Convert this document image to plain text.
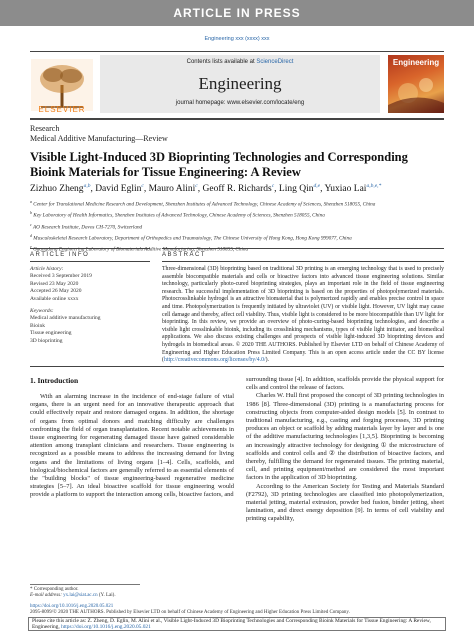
ARTICLE IN PRESS
Engineering xxx (xxxx) xxx
ELSEVIER
Contents lists available at ScienceDirect
Engineering
journal homepage: www.elsevier.com/locate/eng
Engineering
Research
Medical Additive Manufacturing—Review
Visible Light-Induced 3D Bioprinting Technologies and Corresponding Bioink Materials for Tissue Engineering: A Review
Zizhuo Zheng$^{a,b}$, David Eglin$^c$, Mauro Alini$^c$, Geoff R. Richards$^c$, Ling Qin$^{d,e}$, Yuxiao Lai$^{a,b,e,*}$
$^a$ Center for Translational Medicine Research and Development, Shenzhen Institutes of Advanced Technology, Chinese Academy of Sciences, Shenzhen 518055, China
$^b$ Key Laboratory of Health Informatics, Shenzhen Institutes of Advanced Technology, Chinese Academy of Sciences, Shenzhen 518055, China
$^c$ AO Research Institute, Davos CH-7270, Switzerland
$^d$ Musculoskeletal Research Laboratory, Department of Orthopedics and Traumatology, The Chinese University of Hong Kong, Hong Kong 999077, China
$^e$ Guangdong Engineering Laboratory of Biomaterials Additive Manufacturing, Shenzhen 518055, China
ARTICLE INFO	ABSTRACT
Article history:
Received 3 September 2019
Revised 23 May 2020
Accepted 26 May 2020
Available online xxxx
Keywords:
Medical additive manufacturing
Bioink
Tissue engineering
3D bioprinting
Three-dimensional (3D) bioprinting based on traditional 3D printing is an emerging technology that is used to precisely assemble biocompatible materials and cells or bioactive factors into advanced tissue engineering solutions. Similar technology, particularly photo-cured bioprinting strategies, plays an important role in the field of tissue engineering research. The successful implementation of 3D bioprinting is based on the properties of photopolymerized materials. Photocrosslinkable hydrogel is an attractive biomaterial that is polymerized rapidly and enables precise control in space and time. Photopolymerization is frequently initiated by ultraviolet (UV) or visible light. However, UV light may cause cell damage and thereby, affect cell viability. Thus, visible light is considered to be more biocompatible than UV light for bioprinting. In this review, we provide an overview of photo-curing-based bioprinting technologies, and describe a visible light crosslinkable bioink, including its crosslinking mechanisms, types of visible light initiator, and biomedical applications. We also discuss existing challenges and prospects of visible light-induced 3D bioprinting devices and hydrogels in biomedical areas. © 2020 THE AUTHORS. Published by Elsevier LTD on behalf of Chinese Academy of Engineering and Higher Education Press Limited Company. This is an open access article under the CC BY license (http://creativecommons.org/licenses/by/4.0/).
1. Introduction
With an alarming increase in the incidence of end-stage failure of vital organs, there is an urgent need for an innovative therapeutic approach that could effectively repair and restore damaged organs. In addition, the shortage of organs from optimal donors and matching difficulty are challenges confronting the field of organ transplantation. Recent notable achievements in tissue engineering for regenerating damaged tissue have gained considerable attention among transplant clinicians and researchers. Tissue engineering is recognized as a possible means to address the increasing demand for living organs and the limitations of living organs [1–4]. Cells, scaffolds, and biological/biochemical factors are generally referred to as essential elements of the "building blocks" of tissue engineering-based regenerative medicine strategies [5–7]. An ideal bioactive scaffold for tissue engineering would provide a platform to support the interaction among cells, bioactive factors, and

surrounding tissue [4]. In addition, scaffolds provide the physical support for cells and control the release of factors.

Charles W. Hull first proposed the concept of 3D printing technologies in 1986 [8]. Three-dimensional (3D) printing is a manufacturing process for constructing objects from computer-aided design models [5]. In contrast to traditional manufacturing, e.g., casting and forging processes, 3D printing produces an object or scaffold by adding materials layer by layer and is one of the additive manufacturing technologies [1,3,5]. Bioprinting is becoming an increasingly attractive technology for designing ① the microstructure of scaffolds and control cells and ② the distribution of bioactive factors, and thereby, fulfilling the demand for regenerated tissues. The printing material, cell, and printing equipment/method are considered the most important factors in the application of 3D bioprinting.

According to the American Society for Testing and Materials Standard (F2792), 3D printing technologies are classified into photopolymerization, material jetting, material extrusion, powder bed fusion, binder jetting, sheet lamination, and direct energy deposition [9]. In terms of cell viability and printing capability,

* Corresponding author.
E-mail address: yx.lai@siat.ac.cn (Y. Lai).
https://doi.org/10.1016/j.eng.2020.05.021
2095-8099/© 2020 THE AUTHORS. Published by Elsevier LTD on behalf of Chinese Academy of Engineering and Higher Education Press Limited Company.
Please cite this article as: Z. Zheng, D. Eglin, M. Alini et al., Visible Light-Induced 3D Bioprinting Technologies and Corresponding Bioink Materials for Tissue Engineering: A Review, Engineering, https://doi.org/10.1016/j.eng.2020.05.021
